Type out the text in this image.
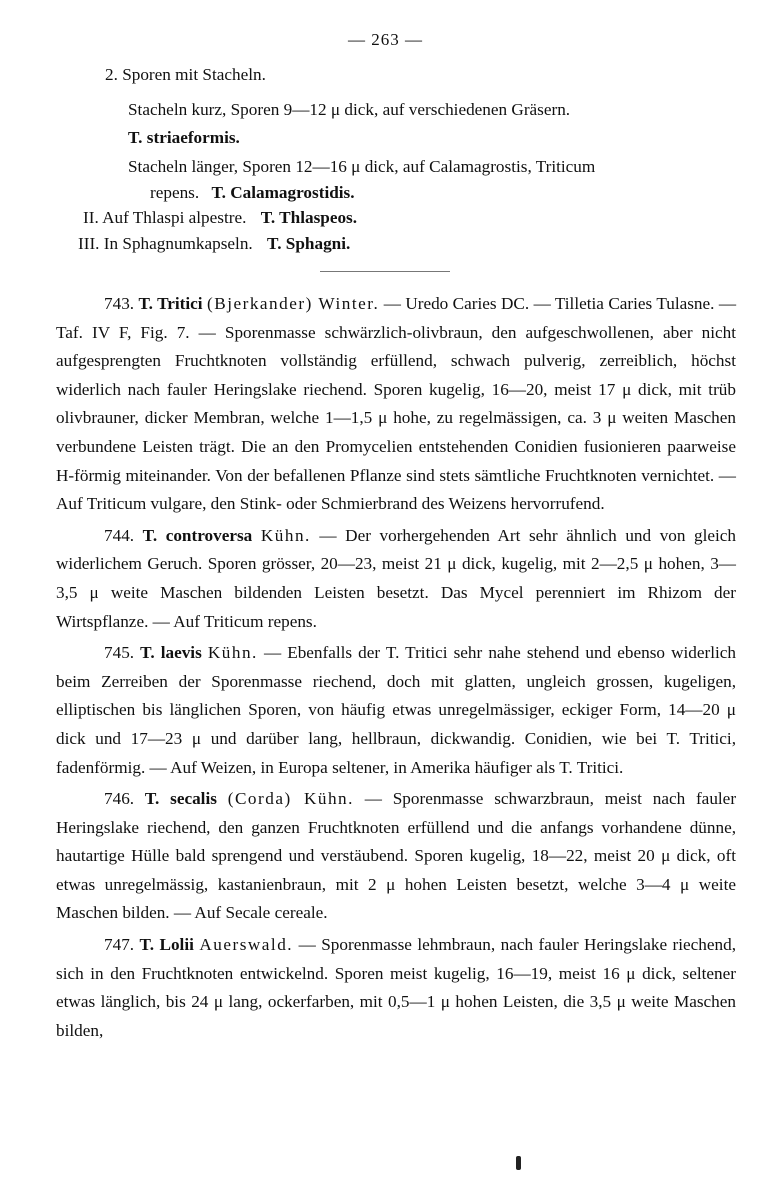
— 263 —
2. Sporen mit Stacheln.
Stacheln kurz, Sporen 9—12 μ dick, auf verschiedenen Gräsern.
T. striaeformis.
Stacheln länger, Sporen 12—16 μ dick, auf Calamagrostis, Triticum
repens. T. Calamagrostidis.
II. Auf Thlaspi alpestre. T. Thlaspeos.
III. In Sphagnumkapseln. T. Sphagni.

743. T. Tritici (Bjerkander) Winter. — Uredo Caries DC. — Tilletia Caries Tulasne. — Taf. IV F, Fig. 7. — Sporenmasse schwärzlich-olivbraun, den aufgeschwollenen, aber nicht aufgesprengten Fruchtknoten vollständig erfüllend, schwach pulverig, zerreiblich, höchst widerlich nach fauler Heringslake riechend. Sporen kugelig, 16—20, meist 17 μ dick, mit trüb olivbrauner, dicker Membran, welche 1—1,5 μ hohe, zu regelmässigen, ca. 3 μ weiten Maschen verbundene Leisten trägt. Die an den Promycelien entstehenden Conidien fusionieren paarweise H-förmig miteinander. Von der befallenen Pflanze sind stets sämtliche Fruchtknoten vernichtet. — Auf Triticum vulgare, den Stink- oder Schmierbrand des Weizens hervorrufend.

744. T. controversa Kühn. — Der vorhergehenden Art sehr ähnlich und von gleich widerlichem Geruch. Sporen grösser, 20—23, meist 21 μ dick, kugelig, mit 2—2,5 μ hohen, 3—3,5 μ weite Maschen bildenden Leisten besetzt. Das Mycel perenniert im Rhizom der Wirtspflanze. — Auf Triticum repens.

745. T. laevis Kühn. — Ebenfalls der T. Tritici sehr nahe stehend und ebenso widerlich beim Zerreiben der Sporenmasse riechend, doch mit glatten, ungleich grossen, kugeligen, elliptischen bis länglichen Sporen, von häufig etwas unregelmässiger, eckiger Form, 14—20 μ dick und 17—23 μ und darüber lang, hellbraun, dickwandig. Conidien, wie bei T. Tritici, fadenförmig. — Auf Weizen, in Europa seltener, in Amerika häufiger als T. Tritici.

746. T. secalis (Corda) Kühn. — Sporenmasse schwarzbraun, meist nach fauler Heringslake riechend, den ganzen Fruchtknoten erfüllend und die anfangs vorhandene dünne, hautartige Hülle bald sprengend und verstäubend. Sporen kugelig, 18—22, meist 20 μ dick, oft etwas unregelmässig, kastanienbraun, mit 2 μ hohen Leisten besetzt, welche 3—4 μ weite Maschen bilden. — Auf Secale cereale.

747. T. Lolii Auerswald. — Sporenmasse lehmbraun, nach fauler Heringslake riechend, sich in den Fruchtknoten entwickelnd. Sporen meist kugelig, 16—19, meist 16 μ dick, seltener etwas länglich, bis 24 μ lang, ockerfarben, mit 0,5—1 μ hohen Leisten, die 3,5 μ weite Maschen bilden,
